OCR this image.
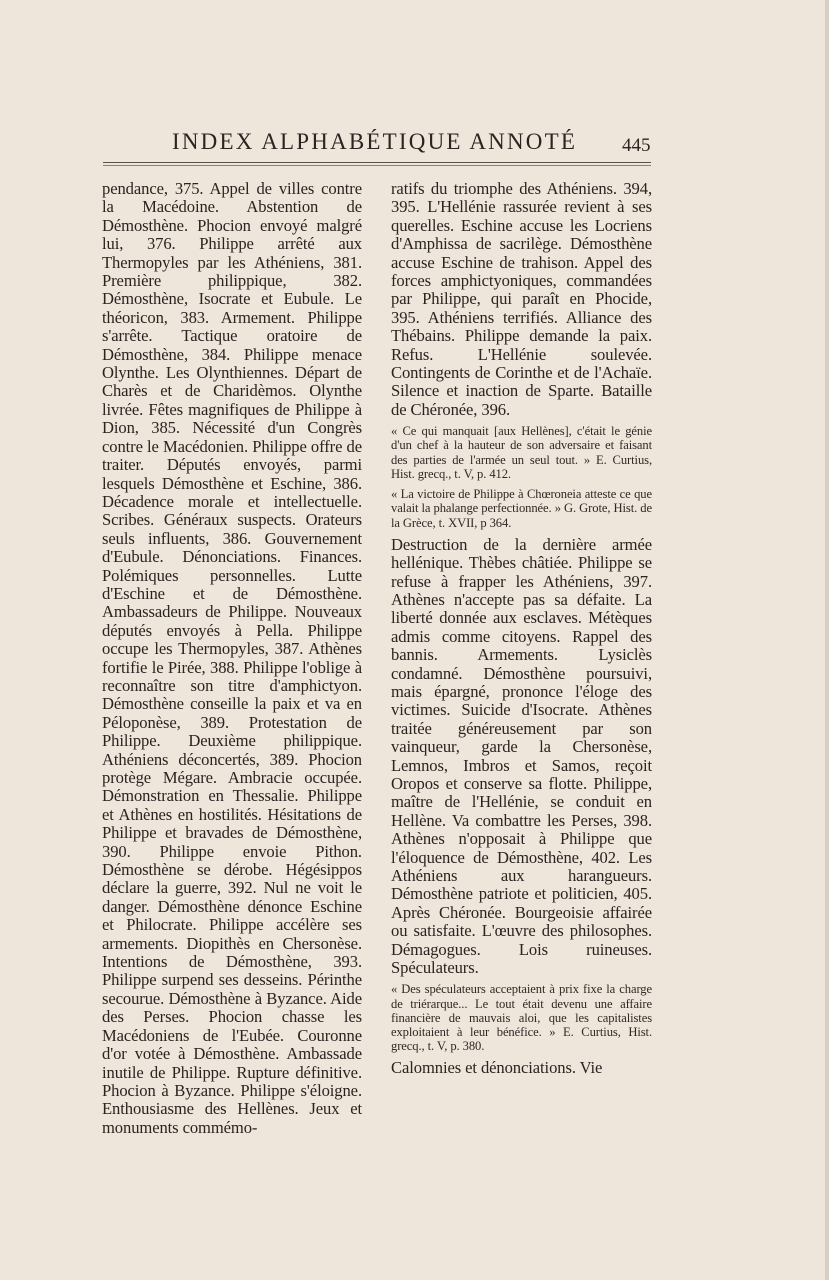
INDEX ALPHABÉTIQUE ANNOTÉ 445

pendance, 375. Appel de villes contre la Macédoine. Abstention de Démosthène. Phocion envoyé malgré lui, 376. Philippe arrêté aux Thermopyles par les Athéniens, 381. Première philippique, 382. Démosthène, Isocrate et Eubule. Le théoricon, 383. Armement. Philippe s'arrête. Tactique oratoire de Démosthène, 384. Philippe menace Olynthe. Les Olynthiennes. Départ de Charès et de Charidèmos. Olynthe livrée. Fêtes magnifiques de Philippe à Dion, 385. Nécessité d'un Congrès contre le Macédonien. Philippe offre de traiter. Députés envoyés, parmi lesquels Démosthène et Eschine, 386. Décadence morale et intellectuelle. Scribes. Généraux suspects. Orateurs seuls influents, 386. Gouvernement d'Eubule. Dénonciations. Finances. Polémiques personnelles. Lutte d'Eschine et de Démosthène. Ambassadeurs de Philippe. Nouveaux députés envoyés à Pella. Philippe occupe les Thermopyles, 387. Athènes fortifie le Pirée, 388. Philippe l'oblige à reconnaître son titre d'amphictyon. Démosthène conseille la paix et va en Péloponèse, 389. Protestation de Philippe. Deuxième philippique. Athéniens déconcertés, 389. Phocion protège Mégare. Ambracie occupée. Démonstration en Thessalie. Philippe et Athènes en hostilités. Hésitations de Philippe et bravades de Démosthène, 390. Philippe envoie Pithon. Démosthène se dérobe. Hégésippos déclare la guerre, 392. Nul ne voit le danger. Démosthène dénonce Eschine et Philocrate. Philippe accélère ses armements. Diopithès en Chersonèse. Intentions de Démosthène, 393. Philippe surpend ses desseins. Périnthe secourue. Démosthène à Byzance. Aide des Perses. Phocion chasse les Macédoniens de l'Eubée. Couronne d'or votée à Démosthène. Ambassade inutile de Philippe. Rupture définitive. Phocion à Byzance. Philippe s'éloigne. Enthousiasme des Hellènes. Jeux et monuments commémo-

ratifs du triomphe des Athéniens. 394, 395. L'Hellénie rassurée revient à ses querelles. Eschine accuse les Locriens d'Amphissa de sacrilège. Démosthène accuse Eschine de trahison. Appel des forces amphictyoniques, commandées par Philippe, qui paraît en Phocide, 395. Athéniens terrifiés. Alliance des Thébains. Philippe demande la paix. Refus. L'Hellénie soulevée. Contingents de Corinthe et de l'Achaïe. Silence et inaction de Sparte. Bataille de Chéronée, 396.

« Ce qui manquait [aux Hellènes], c'était le génie d'un chef à la hauteur de son adversaire et faisant des parties de l'armée un seul tout. » E. Curtius, Hist. grecq., t. V, p. 412.

« La victoire de Philippe à Chœroneia atteste ce que valait la phalange perfectionnée. » G. Grote, Hist. de la Grèce, t. XVII, p 364.

Destruction de la dernière armée hellénique. Thèbes châtiée. Philippe se refuse à frapper les Athéniens, 397. Athènes n'accepte pas sa défaite. La liberté donnée aux esclaves. Métèques admis comme citoyens. Rappel des bannis. Armements. Lysiclès condamné. Démosthène poursuivi, mais épargné, prononce l'éloge des victimes. Suicide d'Isocrate. Athènes traitée généreusement par son vainqueur, garde la Chersonèse, Lemnos, Imbros et Samos, reçoit Oropos et conserve sa flotte. Philippe, maître de l'Hellénie, se conduit en Hellène. Va combattre les Perses, 398. Athènes n'opposait à Philippe que l'éloquence de Démosthène, 402. Les Athéniens aux harangueurs. Démosthène patriote et politicien, 405. Après Chéronée. Bourgeoisie affairée ou satisfaite. L'œuvre des philosophes. Démagogues. Lois ruineuses. Spéculateurs.

« Des spéculateurs acceptaient à prix fixe la charge de triérarque... Le tout était devenu une affaire financière de mauvais aloi, que les capitalistes exploitaient à leur bénéfice. » E. Curtius, Hist. grecq., t. V, p. 380.

Calomnies et dénonciations. Vie
